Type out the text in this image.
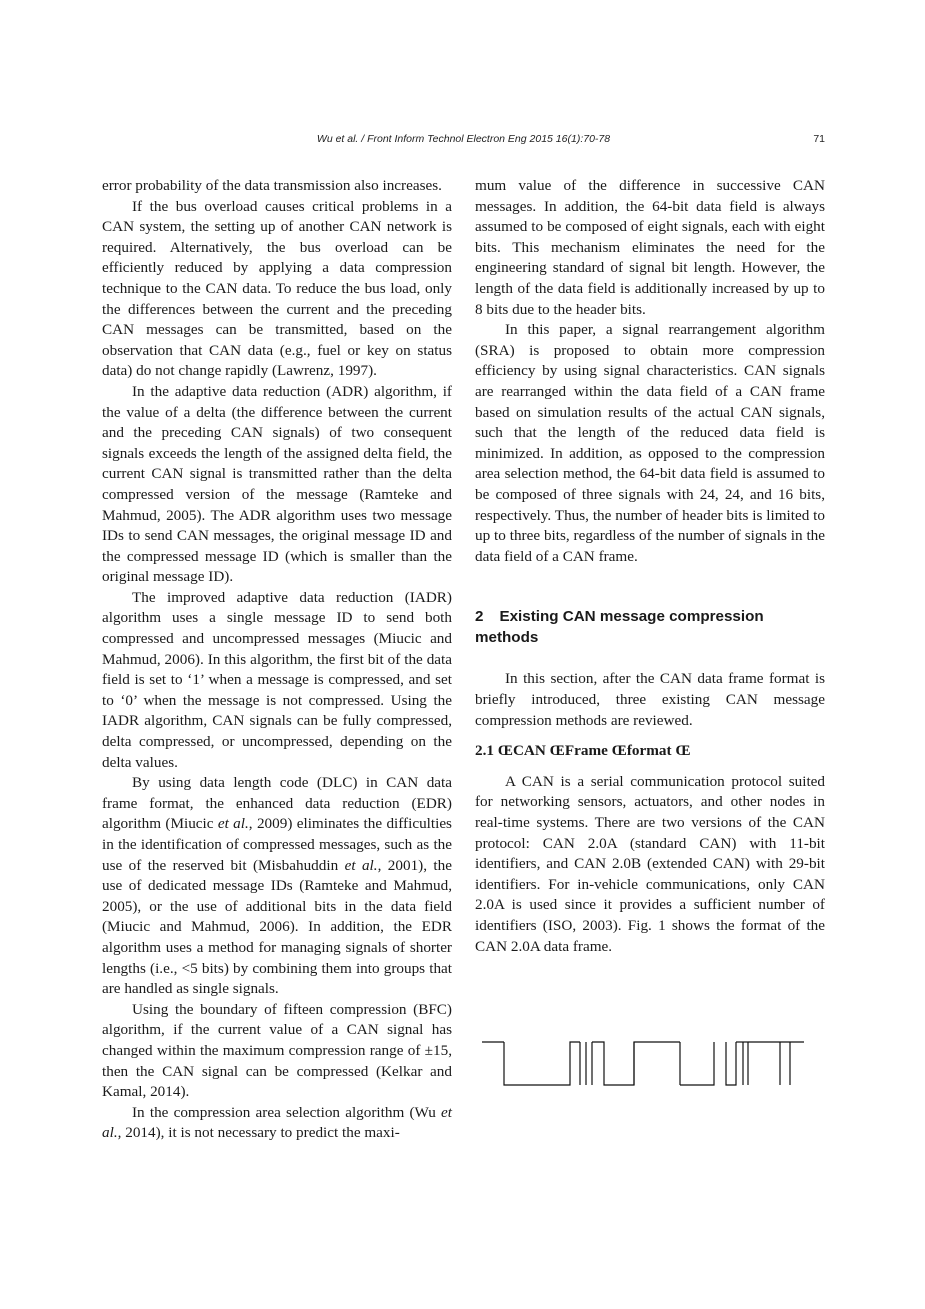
Wu et al. / Front Inform Technol Electron Eng 2015 16(1):70-78	71

error probability of the data transmission also increases.

If the bus overload causes critical problems in a CAN system, the setting up of another CAN network is required. Alternatively, the bus overload can be efficiently reduced by applying a data compression technique to the CAN data. To reduce the bus load, only the differences between the current and the preceding CAN messages can be transmitted, based on the observation that CAN data (e.g., fuel or key on status data) do not change rapidly (Lawrenz, 1997).

In the adaptive data reduction (ADR) algorithm, if the value of a delta (the difference between the current and the preceding CAN signals) of two consequent signals exceeds the length of the assigned delta field, the current CAN signal is transmitted rather than the delta compressed version of the message (Ramteke and Mahmud, 2005). The ADR algorithm uses two message IDs to send CAN messages, the original message ID and the compressed message ID (which is smaller than the original message ID).

The improved adaptive data reduction (IADR) algorithm uses a single message ID to send both compressed and uncompressed messages (Miucic and Mahmud, 2006). In this algorithm, the first bit of the data field is set to ‘1’ when a message is compressed, and set to ‘0’ when the message is not compressed. Using the IADR algorithm, CAN signals can be fully compressed, delta compressed, or uncompressed, depending on the delta values.

By using data length code (DLC) in CAN data frame format, the enhanced data reduction (EDR) algorithm (Miucic et al., 2009) eliminates the difficulties in the identification of compressed messages, such as the use of the reserved bit (Misbahuddin et al., 2001), the use of dedicated message IDs (Ramteke and Mahmud, 2005), or the use of additional bits in the data field (Miucic and Mahmud, 2006). In addition, the EDR algorithm uses a method for managing signals of shorter lengths (i.e., <5 bits) by combining them into groups that are handled as single signals.

Using the boundary of fifteen compression (BFC) algorithm, if the current value of a CAN signal has changed within the maximum compression range of ±15, then the CAN signal can be compressed (Kelkar and Kamal, 2014).

In the compression area selection algorithm (Wu et al., 2014), it is not necessary to predict the maxi-

mum value of the difference in successive CAN messages. In addition, the 64-bit data field is always assumed to be composed of eight signals, each with eight bits. This mechanism eliminates the need for the engineering standard of signal bit length. However, the length of the data field is additionally increased by up to 8 bits due to the header bits.

In this paper, a signal rearrangement algorithm (SRA) is proposed to obtain more compression efficiency by using signal characteristics. CAN signals are rearranged within the data field of a CAN frame based on simulation results of the actual CAN signals, such that the length of the reduced data field is minimized. In addition, as opposed to the compression area selection method, the 64-bit data field is assumed to be composed of three signals with 24, 24, and 16 bits, respectively. Thus, the number of header bits is limited to up to three bits, regardless of the number of signals in the data field of a CAN frame.

2 Existing CAN message compression methods

In this section, after the CAN data frame format is briefly introduced, three existing CAN message compression methods are reviewed.

2.1 ŒCAN ŒFrame Œformat Œ

A CAN is a serial communication protocol suited for networking sensors, actuators, and other nodes in real-time systems. There are two versions of the CAN protocol: CAN 2.0A (standard CAN) with 11-bit identifiers, and CAN 2.0B (extended CAN) with 29-bit identifiers. For in-vehicle communications, only CAN 2.0A is used since it provides a sufficient number of identifiers (ISO, 2003). Fig. 1 shows the format of the CAN 2.0A data frame.
